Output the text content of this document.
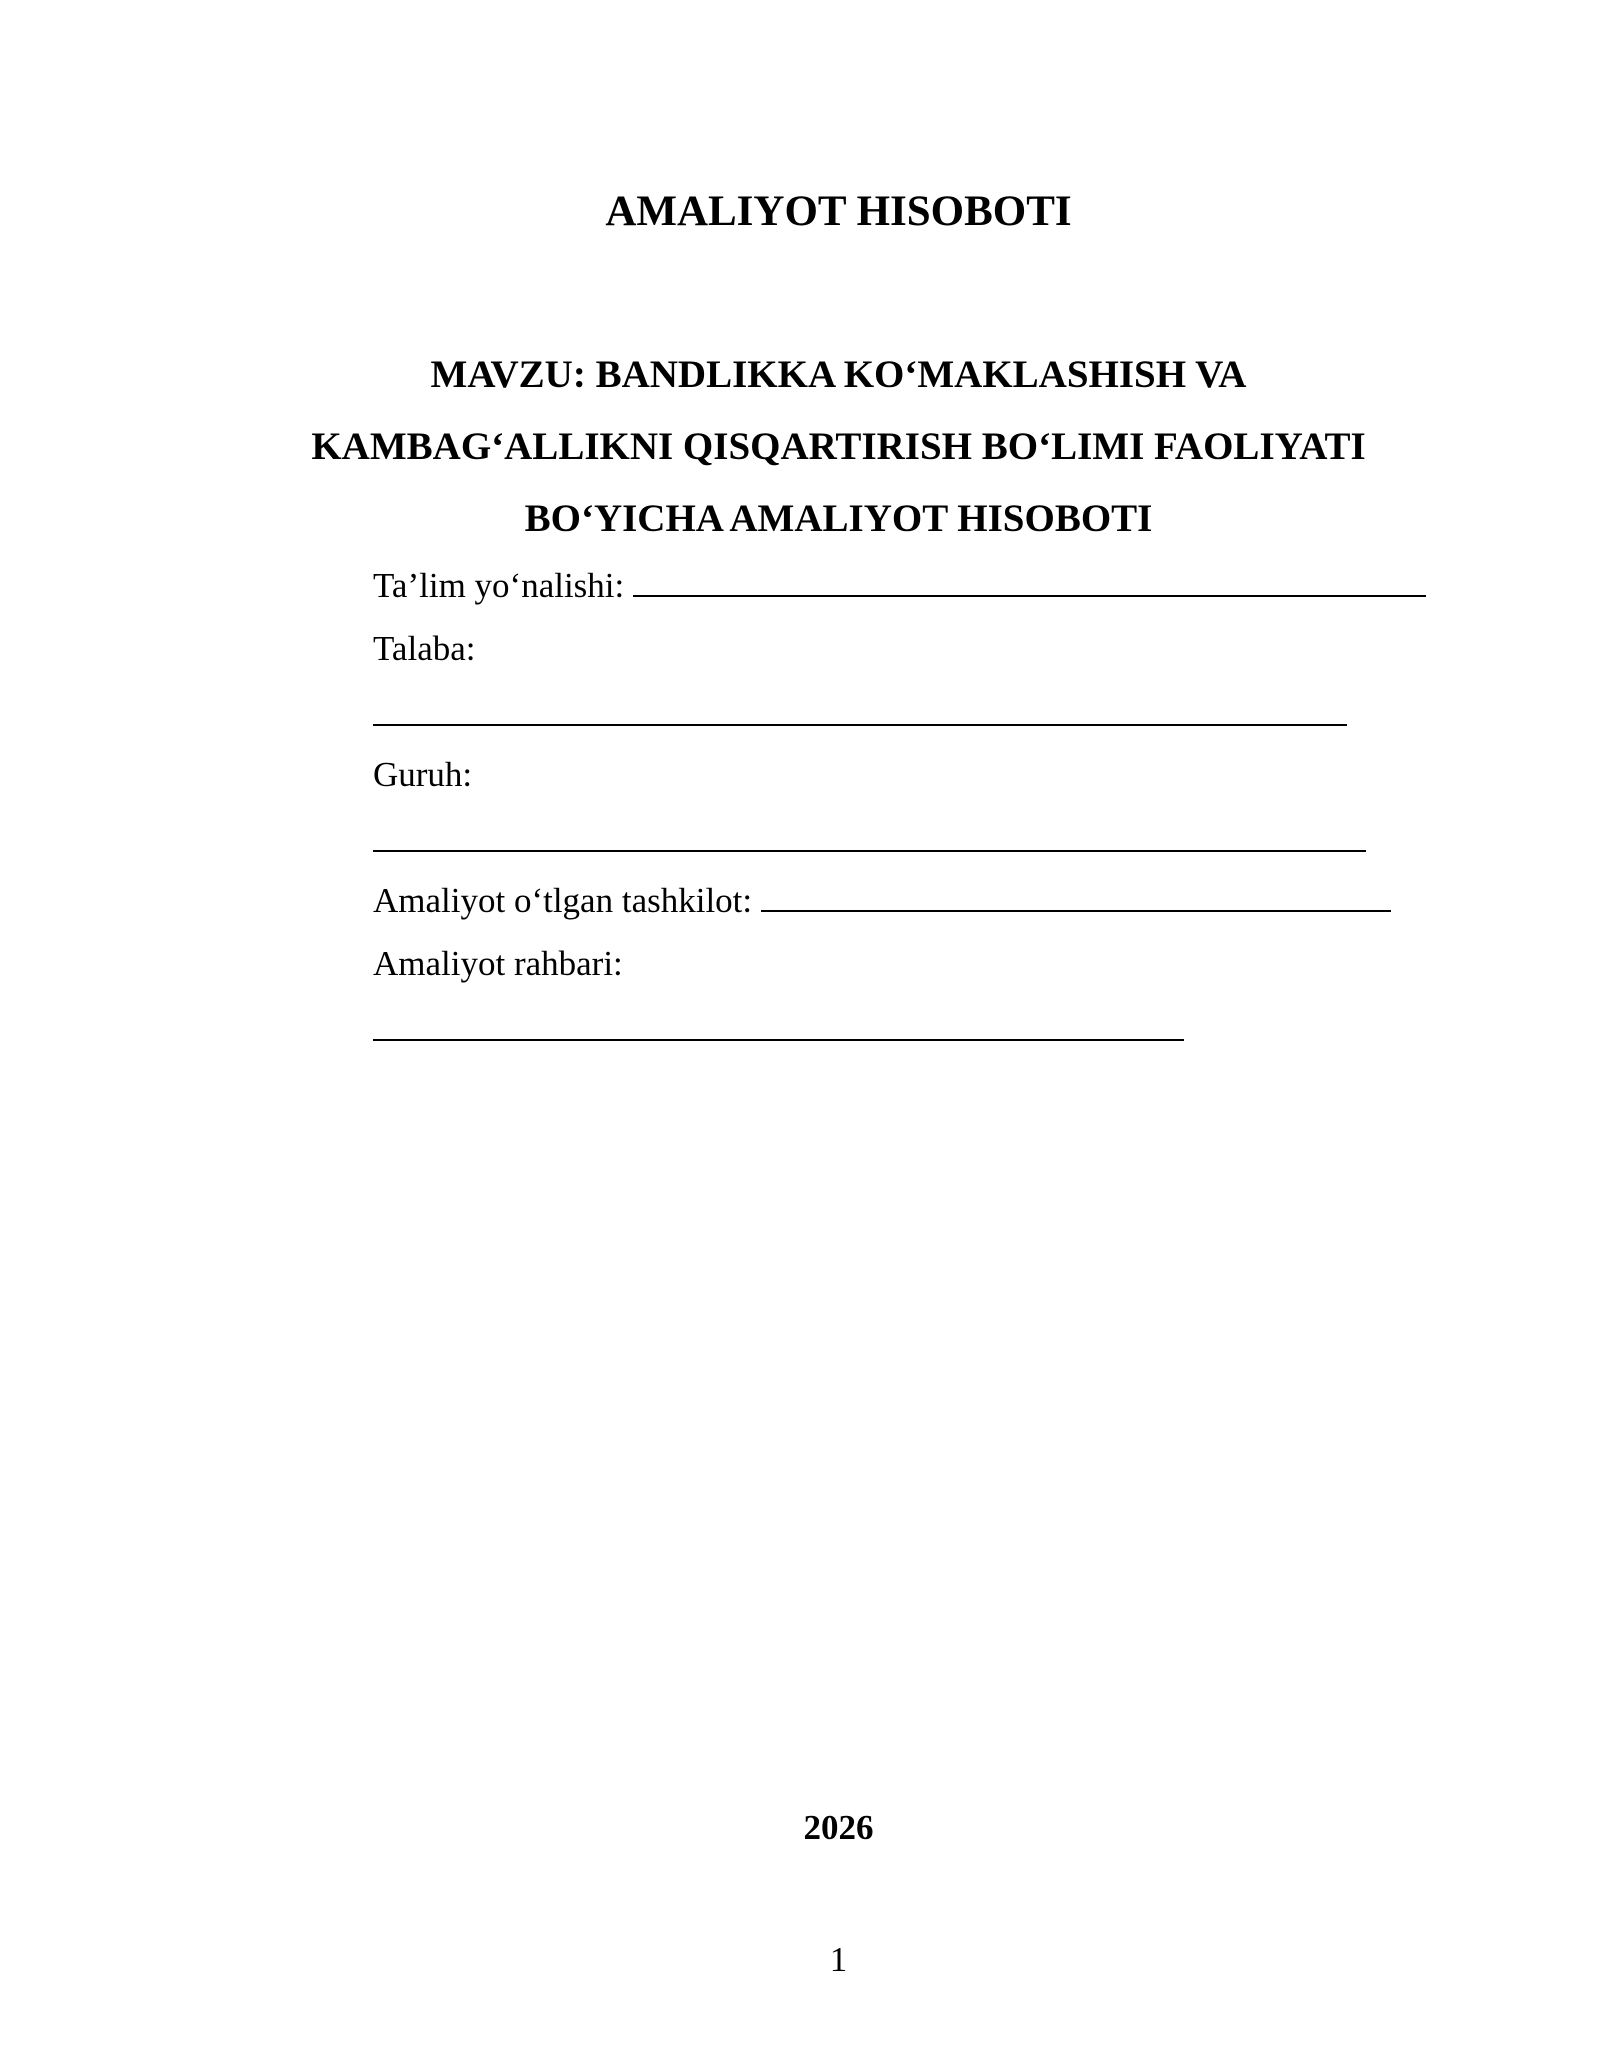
AMALIYOT HISOBOTI
MAVZU: BANDLIKKA KO‘MAKLASHISH VA
KAMBAG‘ALLIKNI QISQARTIRISH BO‘LIMI FAOLIYATI
BO‘YICHA AMALIYOT HISOBOTI
Ta’lim yo‘nalishi:
Talaba:
Guruh:
Amaliyot o‘tlgan tashkilot:
Amaliyot rahbari:
2026
1
